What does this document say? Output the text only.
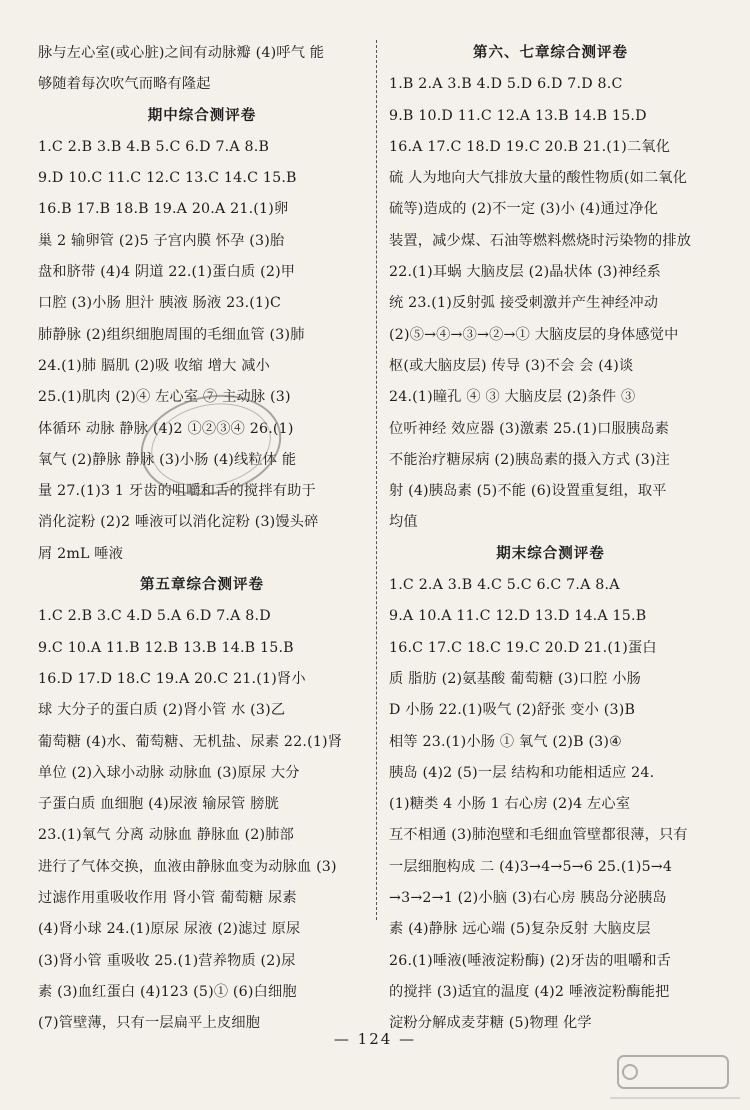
脉与左心室(或心脏)之间有动脉瓣 (4)呼气 能
够随着每次吹气而略有隆起
期中综合测评卷
1.C 2.B 3.B 4.B 5.C 6.D 7.A 8.B
9.D 10.C 11.C 12.C 13.C 14.C 15.B
16.B 17.B 18.B 19.A 20.A 21.(1)卵
巢 2 输卵管 (2)5 子宫内膜 怀孕 (3)胎
盘和脐带 (4)4 阴道 22.(1)蛋白质 (2)甲
口腔 (3)小肠 胆汁 胰液 肠液 23.(1)C
肺静脉 (2)组织细胞周围的毛细血管 (3)肺
24.(1)肺 膈肌 (2)吸 收缩 增大 减小
25.(1)肌肉 (2)④ 左心室 ⑦ 主动脉 (3)
体循环 动脉 静脉 (4)2 ①②③④ 26.(1)
氧气 (2)静脉 静脉 (3)小肠 (4)线粒体 能
量 27.(1)3 1 牙齿的咀嚼和舌的搅拌有助于
消化淀粉 (2)2 唾液可以消化淀粉 (3)馒头碎
屑 2mL 唾液
第五章综合测评卷
1.C 2.B 3.C 4.D 5.A 6.D 7.A 8.D
9.C 10.A 11.B 12.B 13.B 14.B 15.B
16.D 17.D 18.C 19.A 20.C 21.(1)肾小
球 大分子的蛋白质 (2)肾小管 水 (3)乙
葡萄糖 (4)水、葡萄糖、无机盐、尿素 22.(1)肾
单位 (2)入球小动脉 动脉血 (3)原尿 大分
子蛋白质 血细胞 (4)尿液 输尿管 膀胱
23.(1)氧气 分离 动脉血 静脉血 (2)肺部
进行了气体交换，血液由静脉血变为动脉血 (3)
过滤作用重吸收作用 肾小管 葡萄糖 尿素
(4)肾小球 24.(1)原尿 尿液 (2)滤过 原尿
(3)肾小管 重吸收 25.(1)营养物质 (2)尿
素 (3)血红蛋白 (4)123 (5)① (6)白细胞
(7)管壁薄，只有一层扁平上皮细胞
第六、七章综合测评卷
1.B 2.A 3.B 4.D 5.D 6.D 7.D 8.C
9.B 10.D 11.C 12.A 13.B 14.B 15.D
16.A 17.C 18.D 19.C 20.B 21.(1)二氧化
硫 人为地向大气排放大量的酸性物质(如二氧化
硫等)造成的 (2)不一定 (3)小 (4)通过净化
装置，减少煤、石油等燃料燃烧时污染物的排放
22.(1)耳蜗 大脑皮层 (2)晶状体 (3)神经系
统 23.(1)反射弧 接受刺激并产生神经冲动
(2)⑤→④→③→②→① 大脑皮层的身体感觉中
枢(或大脑皮层) 传导 (3)不会 会 (4)谈
24.(1)瞳孔 ④ ③ 大脑皮层 (2)条件 ③
位听神经 效应器 (3)激素 25.(1)口服胰岛素
不能治疗糖尿病 (2)胰岛素的摄入方式 (3)注
射 (4)胰岛素 (5)不能 (6)设置重复组，取平
均值
期末综合测评卷
1.C 2.A 3.B 4.C 5.C 6.C 7.A 8.A
9.A 10.A 11.C 12.D 13.D 14.A 15.B
16.C 17.C 18.C 19.C 20.D 21.(1)蛋白
质 脂肪 (2)氨基酸 葡萄糖 (3)口腔 小肠
D 小肠 22.(1)吸气 (2)舒张 变小 (3)B
相等 23.(1)小肠 ① 氧气 (2)B (3)④
胰岛 (4)2 (5)一层 结构和功能相适应 24.
(1)糖类 4 小肠 1 右心房 (2)4 左心室
互不相通 (3)肺泡壁和毛细血管壁都很薄，只有
一层细胞构成 二 (4)3→4→5→6 25.(1)5→4
→3→2→1 (2)小脑 (3)右心房 胰岛分泌胰岛
素 (4)静脉 远心端 (5)复杂反射 大脑皮层
26.(1)唾液(唾液淀粉酶) (2)牙齿的咀嚼和舌
的搅拌 (3)适宜的温度 (4)2 唾液淀粉酶能把
淀粉分解成麦芽糖 (5)物理 化学
— 124 —
